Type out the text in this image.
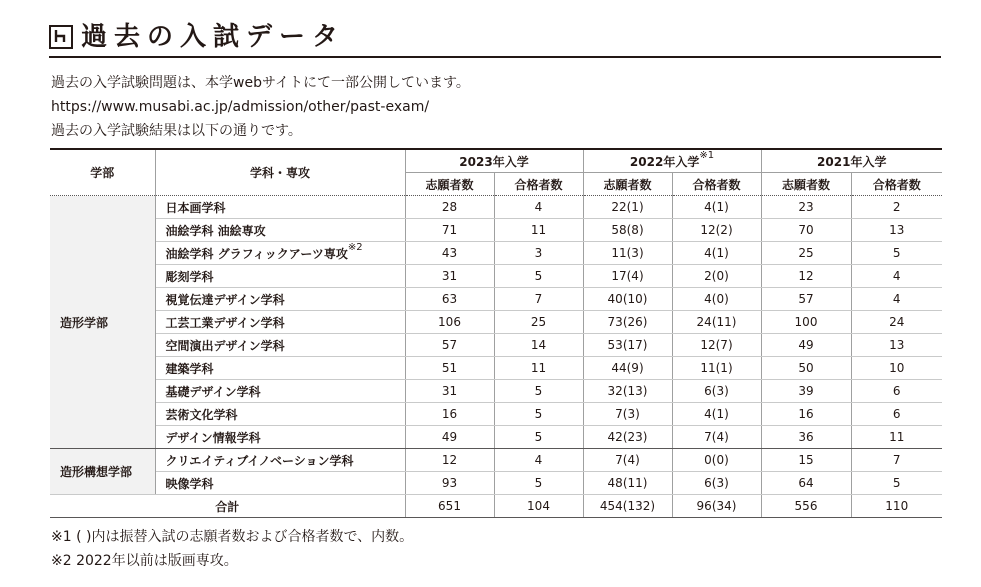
過去の入試データ
過去の入学試験問題は、本学webサイトにて一部公開しています。
https://www.musabi.ac.jp/admission/other/past-exam/
過去の入学試験結果は以下の通りです。
学部	学科・専攻	2023年入学		2022年入学$^{※1}$		2021年入学	
		志願者数	合格者数	志願者数	合格者数	志願者数	合格者数
造形学部	日本画学科	28	4	22(1)	4(1)	23	2
	油絵学科 油絵専攻	71	11	58(8)	12(2)	70	13
	油絵学科 グラフィックアーツ専攻$^{※2}$	43	3	11(3)	4(1)	25	5
	彫刻学科	31	5	17(4)	2(0)	12	4
	視覚伝達デザイン学科	63	7	40(10)	4(0)	57	4
	工芸工業デザイン学科	106	25	73(26)	24(11)	100	24
	空間演出デザイン学科	57	14	53(17)	12(7)	49	13
	建築学科	51	11	44(9)	11(1)	50	10
	基礎デザイン学科	31	5	32(13)	6(3)	39	6
	芸術文化学科	16	5	7(3)	4(1)	16	6
	デザイン情報学科	49	5	42(23)	7(4)	36	11
造形構想学部	クリエイティブイノベーション学科	12	4	7(4)	0(0)	15	7
	映像学科	93	5	48(11)	6(3)	64	5
合計		651	104	454(132)	96(34)	556	110
※1 ( )内は振替入試の志願者数および合格者数で、内数。
※2 2022年以前は版画専攻。
